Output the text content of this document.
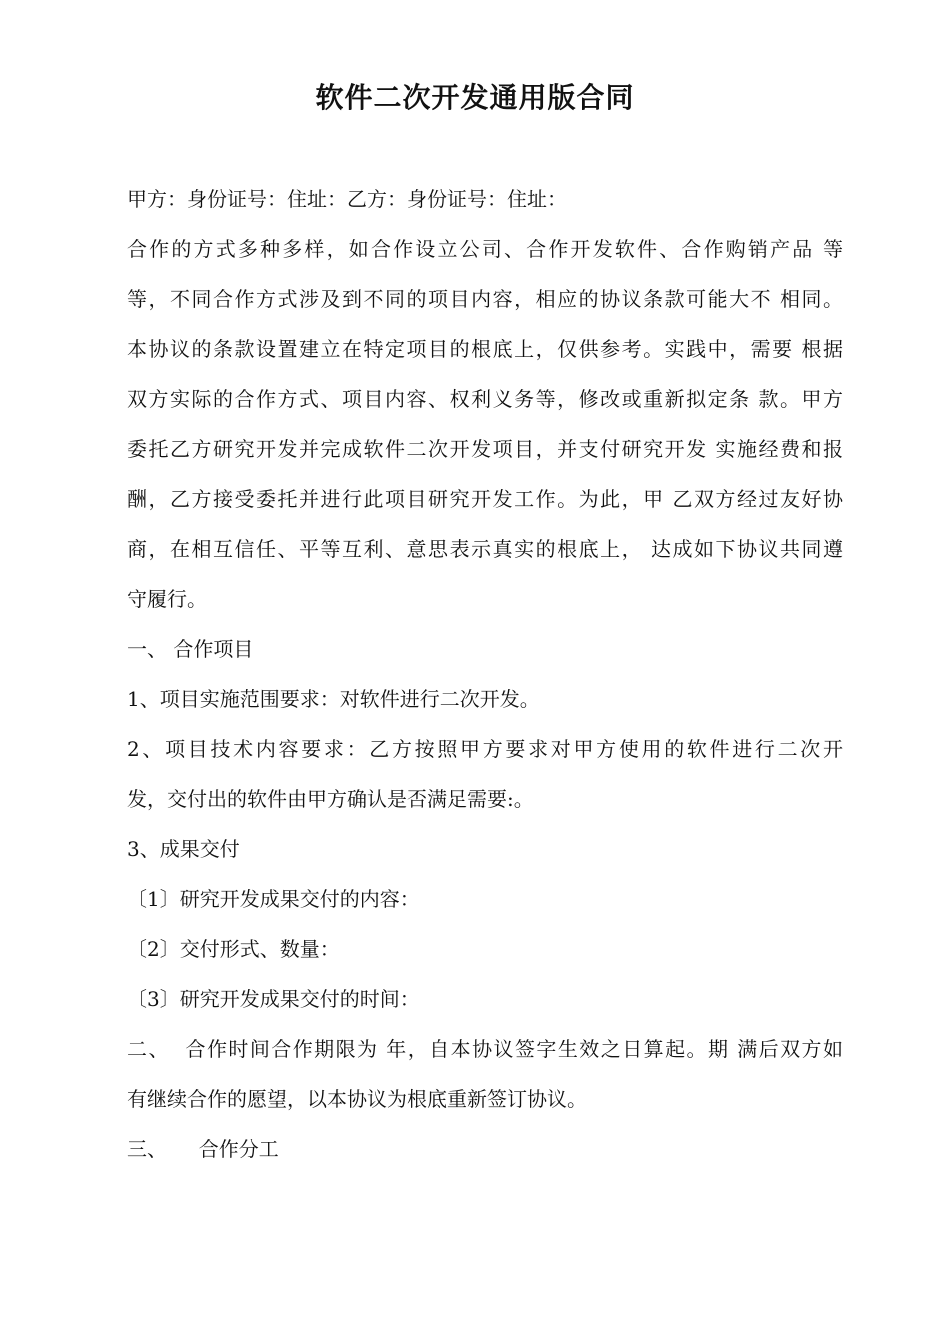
软件二次开发通用版合同
甲方：身份证号：住址：乙方：身份证号：住址：
合作的方式多种多样，如合作设立公司、合作开发软件、合作购销产品 等
等，不同合作方式涉及到不同的项目内容，相应的协议条款可能大不 相同。
本协议的条款设置建立在特定项目的根底上，仅供参考。实践中，需要 根据
双方实际的合作方式、项目内容、权利义务等，修改或重新拟定条 款。甲方
委托乙方研究开发并完成软件二次开发项目，并支付研究开发 实施经费和报
酬，乙方接受委托并进行此项目研究开发工作。为此，甲 乙双方经过友好协
商，在相互信任、平等互利、意思表示真实的根底上， 达成如下协议共同遵
守履行。
一、 合作项目
1、项目实施范围要求：对软件进行二次开发。
2、项目技术内容要求：乙方按照甲方要求对甲方使用的软件进行二次开
发，交付出的软件由甲方确认是否满足需要:。
3、成果交付
〔1〕研究开发成果交付的内容：
〔2〕交付形式、数量：
〔3〕研究开发成果交付的时间：
二、  合作时间合作期限为 年，自本协议签字生效之日算起。期 满后双方如
有继续合作的愿望，以本协议为根底重新签订协议。
三、     合作分工
